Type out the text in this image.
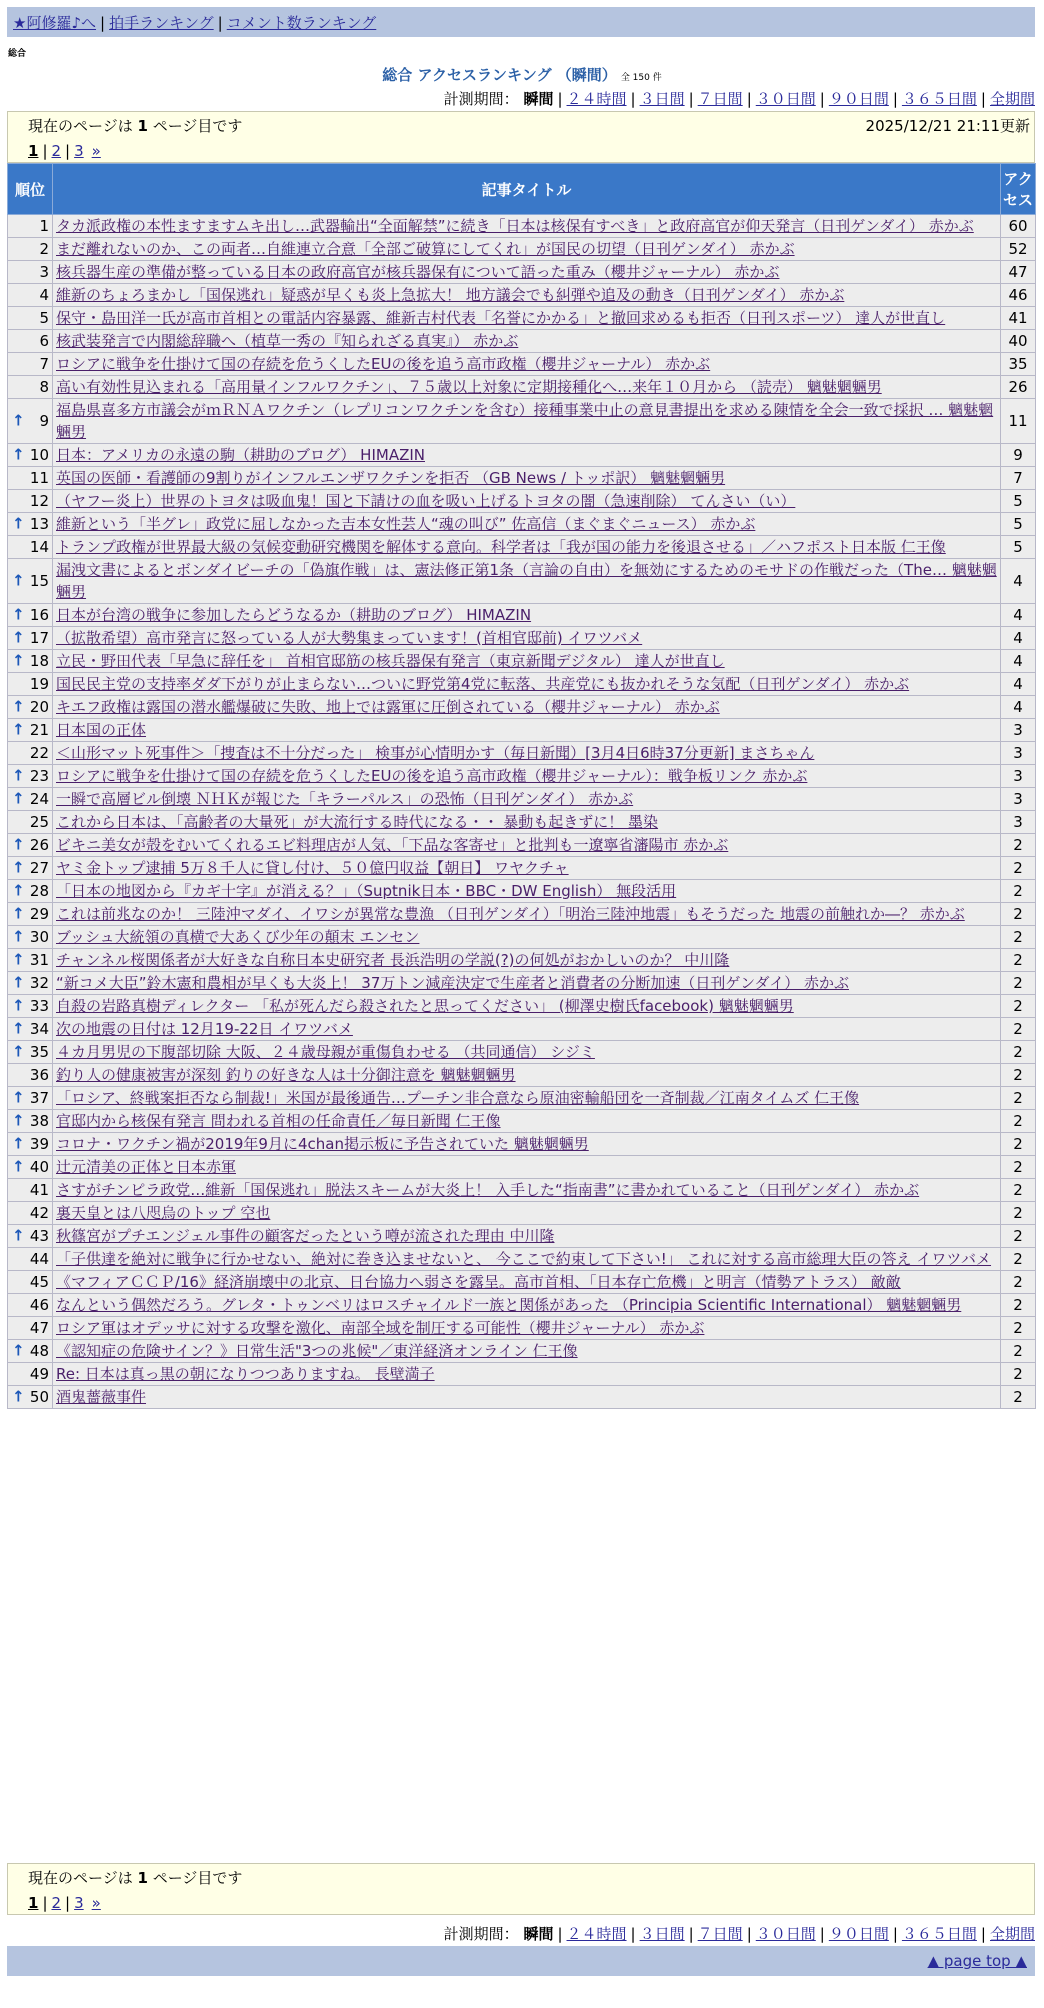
★阿修羅♪へ | 拍手ランキング | コメント数ランキング
総合
総合 アクセスランキング （瞬間） 全 150 件
計測期間： 瞬間 | ２４時間 | ３日間 | ７日間 | ３０日間 | ９０日間 | ３６５日間 | 全期間
現在のページは 1 ページ目です	2025/12/21 21:11更新
1 | 2 | 3 »
順位	記事タイトル	アクセス
1	タカ派政権の本性ますますムキ出し…武器輸出“全面解禁”に続き「日本は核保有すべき」と政府高官が仰天発言（日刊ゲンダイ） 赤かぶ	60
2	まだ離れないのか、この両者…自維連立合意「全部ご破算にしてくれ」が国民の切望（日刊ゲンダイ） 赤かぶ	52
3	核兵器生産の準備が整っている日本の政府高官が核兵器保有について語った重み（櫻井ジャーナル） 赤かぶ	47
4	維新のちょろまかし「国保逃れ」疑惑が早くも炎上急拡大！ 地方議会でも糾弾や追及の動き（日刊ゲンダイ） 赤かぶ	46
5	保守・島田洋一氏が高市首相との電話内容暴露、維新吉村代表「名誉にかかる」と撤回求めるも拒否（日刊スポーツ） 達人が世直し	41
6	核武装発言で内閣総辞職へ（植草一秀の『知られざる真実』） 赤かぶ	40
7	ロシアに戦争を仕掛けて国の存続を危うくしたEUの後を追う高市政権（櫻井ジャーナル） 赤かぶ	35
8	高い有効性見込まれる「高用量インフルワクチン」、７５歳以上対象に定期接種化へ…来年１０月から （読売） 魑魅魍魎男	26

↑ 9	福島県喜多方市議会がｍＲＮＡワクチン（レプリコンワクチンを含む）接種事業中止の意見書提出を求める陳情を全会一致で採択 … 魑魅魍魎男	11

↑ 10	日本：アメリカの永遠の駒（耕助のブログ） HIMAZIN	9
11	英国の医師・看護師の9割りがインフルエンザワクチンを拒否 （GB News / トッポ訳） 魑魅魍魎男	7
12	（ヤフー炎上）世界のトヨタは吸血鬼！国と下請けの血を吸い上げるトヨタの闇（急速削除） てんさい（い）	5

↑ 13	維新という「半グレ」政党に屈しなかった吉本女性芸人“魂の叫び” 佐高信（まぐまぐニュース） 赤かぶ	5
14	トランプ政権が世界最大級の気候変動研究機関を解体する意向。科学者は「我が国の能力を後退させる」／ハフポスト日本版 仁王像	5

↑ 15	漏洩文書によるとボンダイビーチの「偽旗作戦」は、憲法修正第1条（言論の自由）を無効にするためのモサドの作戦だった（The… 魑魅魍魎男	4

↑ 16	日本が台湾の戦争に参加したらどうなるか（耕助のブログ） HIMAZIN	4

↑ 17	（拡散希望）高市発言に怒っている人が大勢集まっています！(首相官邸前) イワツバメ	4

↑ 18	立民・野田代表「早急に辞任を」 首相官邸筋の核兵器保有発言（東京新聞デジタル） 達人が世直し	4
19	国民民主党の支持率ダダ下がりが止まらない…ついに野党第4党に転落、共産党にも抜かれそうな気配（日刊ゲンダイ） 赤かぶ	4

↑ 20	キエフ政権は露国の潜水艦爆破に失敗、地上では露軍に圧倒されている（櫻井ジャーナル） 赤かぶ	4

↑ 21	日本国の正体	3
22	＜山形マット死事件＞「捜査は不十分だった」 検事が心情明かす（毎日新聞）[3月4日6時37分更新] まさちゃん	3

↑ 23	ロシアに戦争を仕掛けて国の存続を危うくしたEUの後を追う高市政権（櫻井ジャーナル）：戦争板リンク 赤かぶ	3

↑ 24	一瞬で高層ビル倒壊 ＮＨＫが報じた「キラーパルス」の恐怖（日刊ゲンダイ） 赤かぶ	3
25	これから日本は、「高齢者の大量死」が大流行する時代になる・・ 暴動も起きずに！ 墨染	3

↑ 26	ビキニ美女が殻をむいてくれるエビ料理店が人気、「下品な客寄せ」と批判も一遼寧省瀋陽市 赤かぶ	2

↑ 27	ヤミ金トップ逮捕 5万８千人に貸し付け、５０億円収益【朝日】 ワヤクチャ	2

↑ 28	「日本の地図から『カギ十字』が消える？」（Suptnik日本・BBC・DW English） 無段活用	2

↑ 29	これは前兆なのか！ 三陸沖マダイ、イワシが異常な豊漁 （日刊ゲンダイ）「明治三陸沖地震」もそうだった 地震の前触れか―？ 赤かぶ	2

↑ 30	ブッシュ大統領の真横で大あくび少年の顛末 エンセン	2

↑ 31	チャンネル桜関係者が大好きな自称日本史研究者 長浜浩明の学説(?)の何処がおかしいのか？ 中川隆	2

↑ 32	“新コメ大臣”鈴木憲和農相が早くも大炎上！ 37万トン減産決定で生産者と消費者の分断加速（日刊ゲンダイ） 赤かぶ	2

↑ 33	自殺の岩路真樹ディレクター 「私が死んだら殺されたと思ってください」 (柳澤史樹氏facebook) 魑魅魍魎男	2

↑ 34	次の地震の日付は 12月19-22日 イワツバメ	2

↑ 35	４カ月男児の下腹部切除 大阪、２４歳母親が重傷負わせる （共同通信） シジミ	2
36	釣り人の健康被害が深刻 釣りの好きな人は十分御注意を 魑魅魍魎男	2

↑ 37	「ロシア、終戦案拒否なら制裁!」米国が最後通告…プーチン非合意なら原油密輸船団を一斉制裁／江南タイムズ 仁王像	2

↑ 38	官邸内から核保有発言 問われる首相の任命責任／毎日新聞 仁王像	2

↑ 39	コロナ・ワクチン禍が2019年9月に4chan掲示板に予告されていた 魑魅魍魎男	2

↑ 40	辻元清美の正体と日本赤軍	2
41	さすがチンピラ政党…維新「国保逃れ」脱法スキームが大炎上！ 入手した“指南書”に書かれていること（日刊ゲンダイ） 赤かぶ	2
42	裏天皇とは八咫烏のトップ 空也	2

↑ 43	秋篠宮がプチエンジェル事件の顧客だったという噂が流された理由 中川隆	2
44	「子供達を絶対に戦争に行かせない、絶対に巻き込ませないと、 今ここで約束して下さい!」 これに対する高市総理大臣の答え イワツバメ	2
45	《マフィアＣＣＰ/16》経済崩壊中の北京、日台協力へ弱さを露呈。高市首相、「日本存亡危機」と明言（情勢アトラス） 敵敵	2
46	なんという偶然だろう。グレタ・トゥンベリはロスチャイルド一族と関係があった （Principia Scientific International） 魑魅魍魎男	2
47	ロシア軍はオデッサに対する攻撃を激化、南部全域を制圧する可能性（櫻井ジャーナル） 赤かぶ	2

↑ 48	《認知症の危険サイン？》日常生活"3つの兆候"／東洋経済オンライン 仁王像	2
49	Re: 日本は真っ黒の朝になりつつありますね。 長壁満子	2

↑ 50	酒鬼薔薇事件	2
現在のページは 1 ページ目です
1 | 2 | 3 »
計測期間： 瞬間 | ２４時間 | ３日間 | ７日間 | ３０日間 | ９０日間 | ３６５日間 | 全期間
▲ page top ▲
